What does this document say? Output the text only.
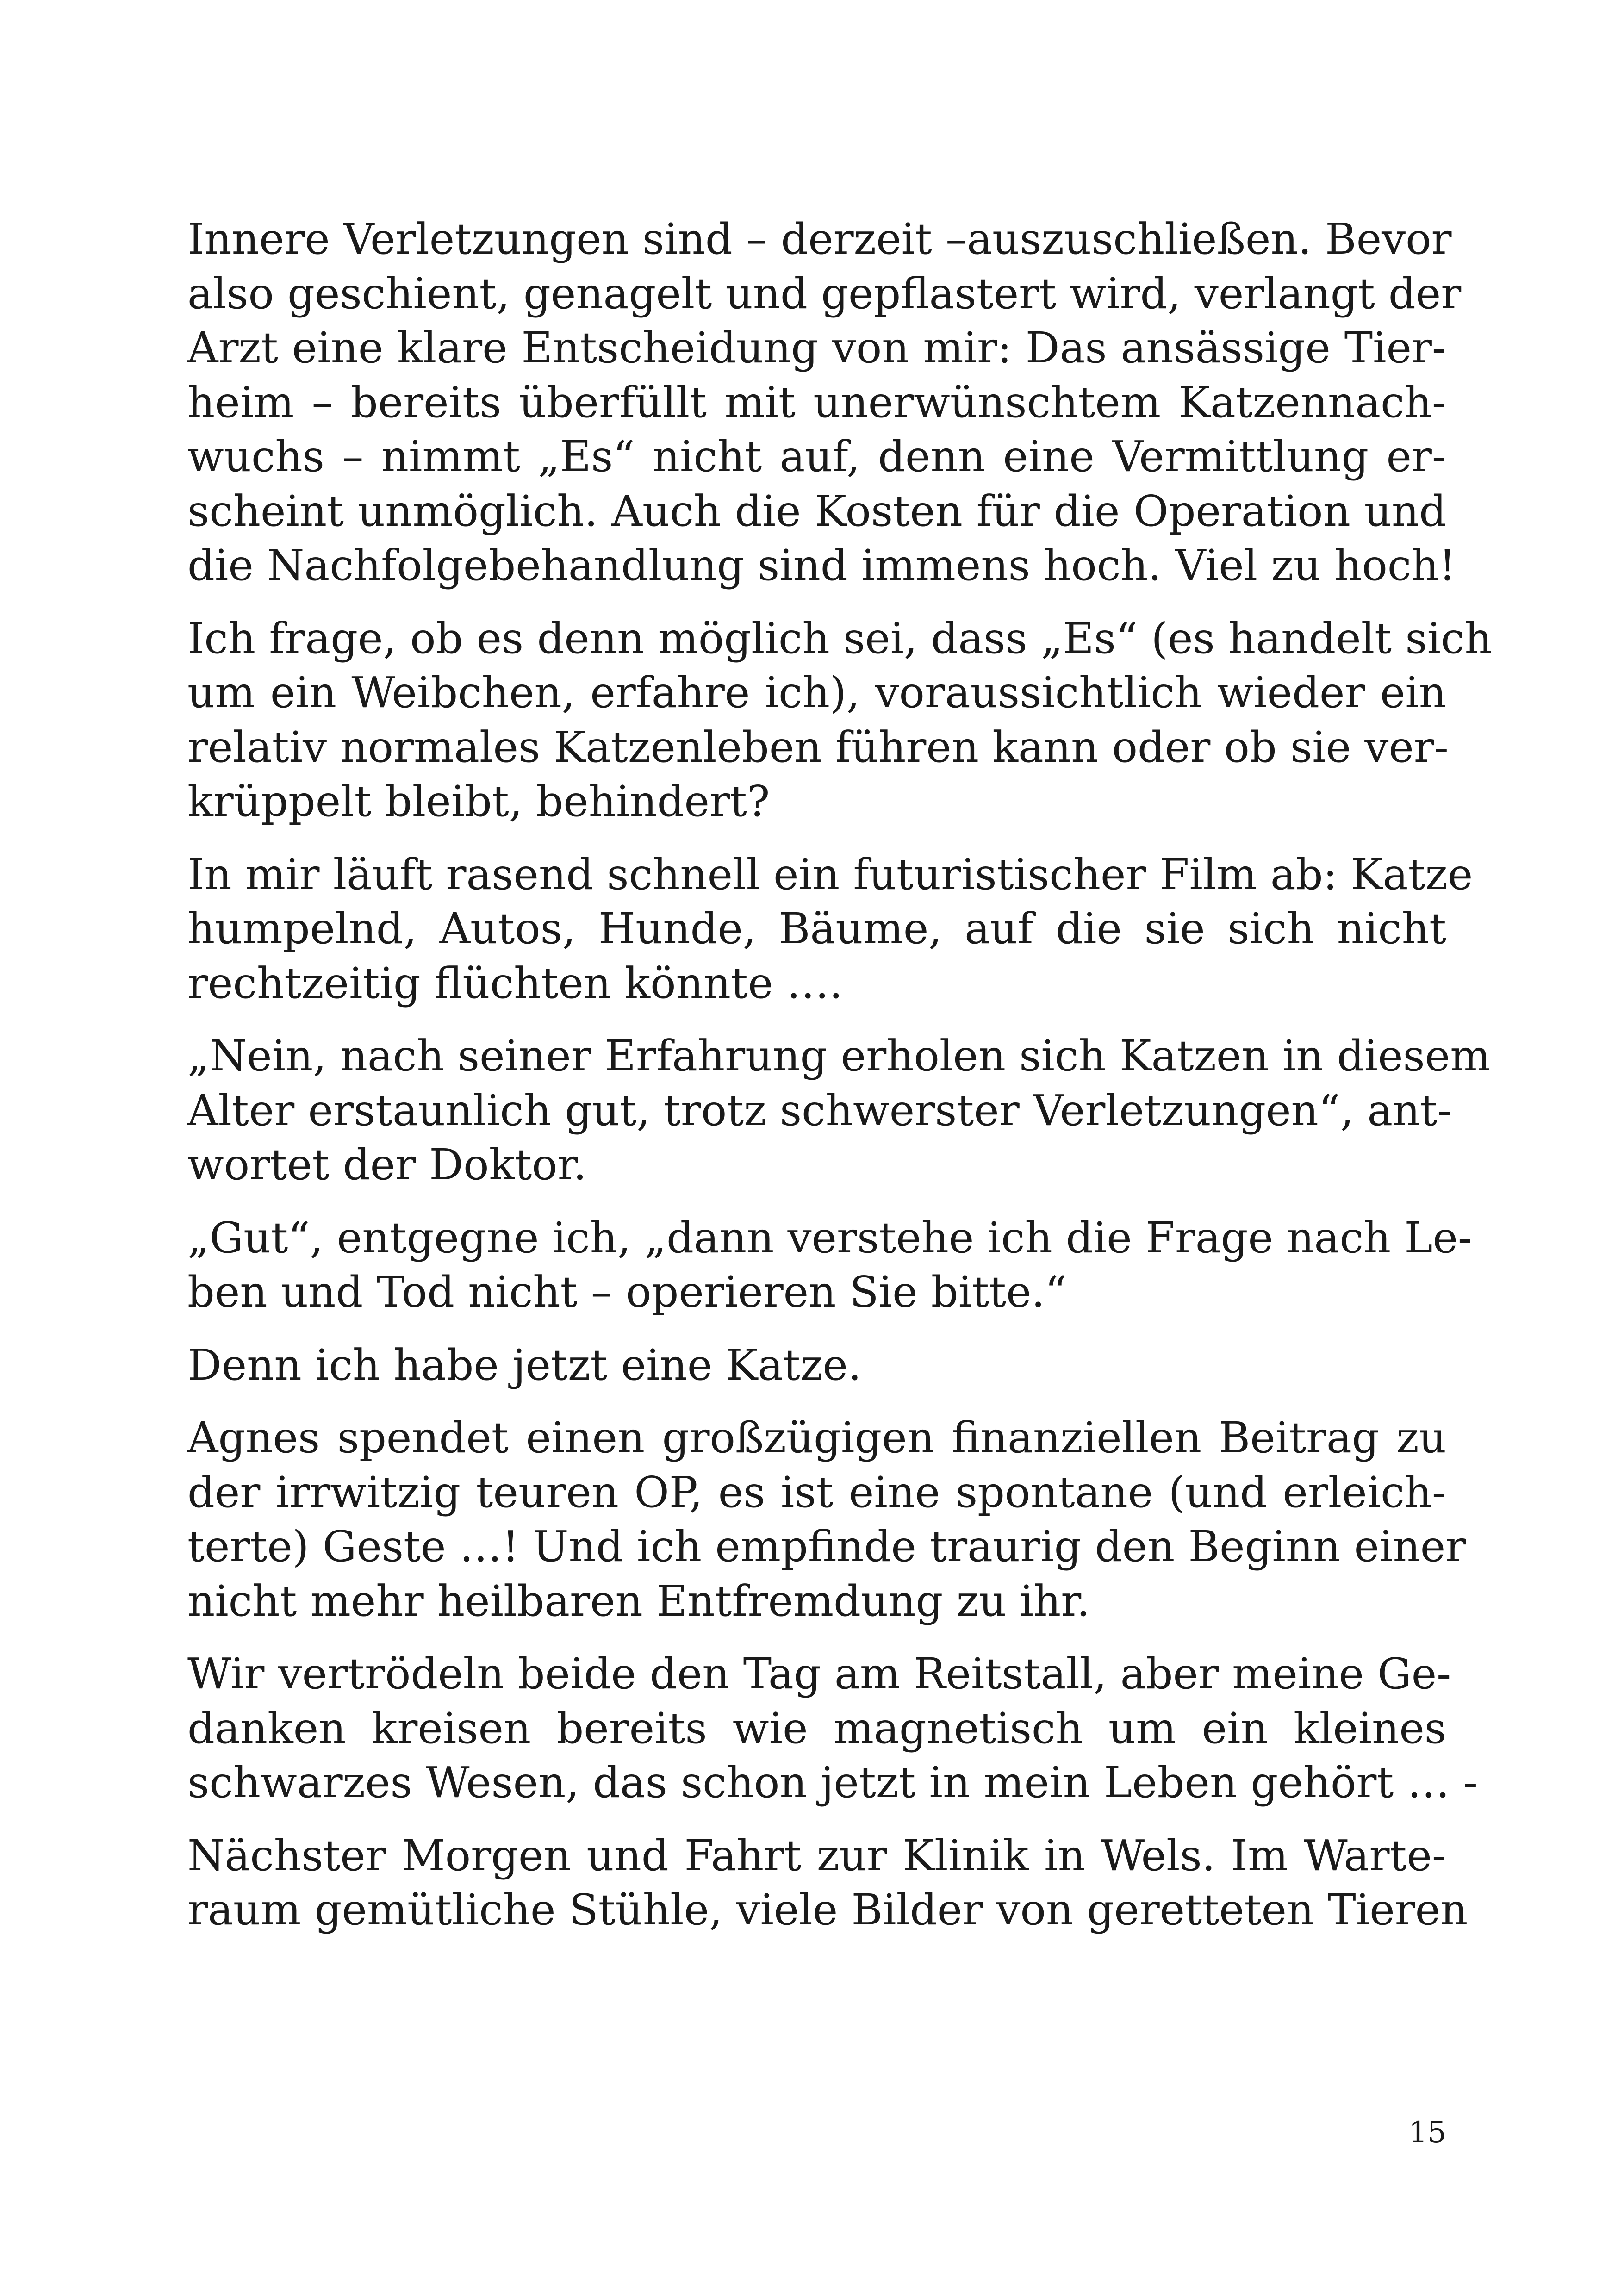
Innere Verletzungen sind – derzeit –auszuschließen. Bevor
also geschient, genagelt und gepflastert wird, verlangt der
Arzt eine klare Entscheidung von mir: Das ansässige Tier-
heim – bereits überfüllt mit unerwünschtem Katzennach-
wuchs – nimmt „Es“ nicht auf, denn eine Vermittlung er-
scheint unmöglich. Auch die Kosten für die Operation und
die Nachfolgebehandlung sind immens hoch. Viel zu hoch!

Ich frage, ob es denn möglich sei, dass „Es“ (es handelt sich
um ein Weibchen, erfahre ich), voraussichtlich wieder ein
relativ normales Katzenleben führen kann oder ob sie ver-
krüppelt bleibt, behindert?

In mir läuft rasend schnell ein futuristischer Film ab: Katze
humpelnd, Autos, Hunde, Bäume, auf die sie sich nicht
rechtzeitig flüchten könnte ….

„Nein, nach seiner Erfahrung erholen sich Katzen in diesem
Alter erstaunlich gut, trotz schwerster Verletzungen“, ant-
wortet der Doktor.

„Gut“, entgegne ich, „dann verstehe ich die Frage nach Le-
ben und Tod nicht – operieren Sie bitte.“

Denn ich habe jetzt eine Katze.

Agnes spendet einen großzügigen finanziellen Beitrag zu
der irrwitzig teuren OP, es ist eine spontane (und erleich-
terte) Geste …! Und ich empfinde traurig den Beginn einer
nicht mehr heilbaren Entfremdung zu ihr.

Wir vertrödeln beide den Tag am Reitstall, aber meine Ge-
danken kreisen bereits wie magnetisch um ein kleines
schwarzes Wesen, das schon jetzt in mein Leben gehört … -

Nächster Morgen und Fahrt zur Klinik in Wels. Im Warte-
raum gemütliche Stühle, viele Bilder von geretteten Tieren

15
